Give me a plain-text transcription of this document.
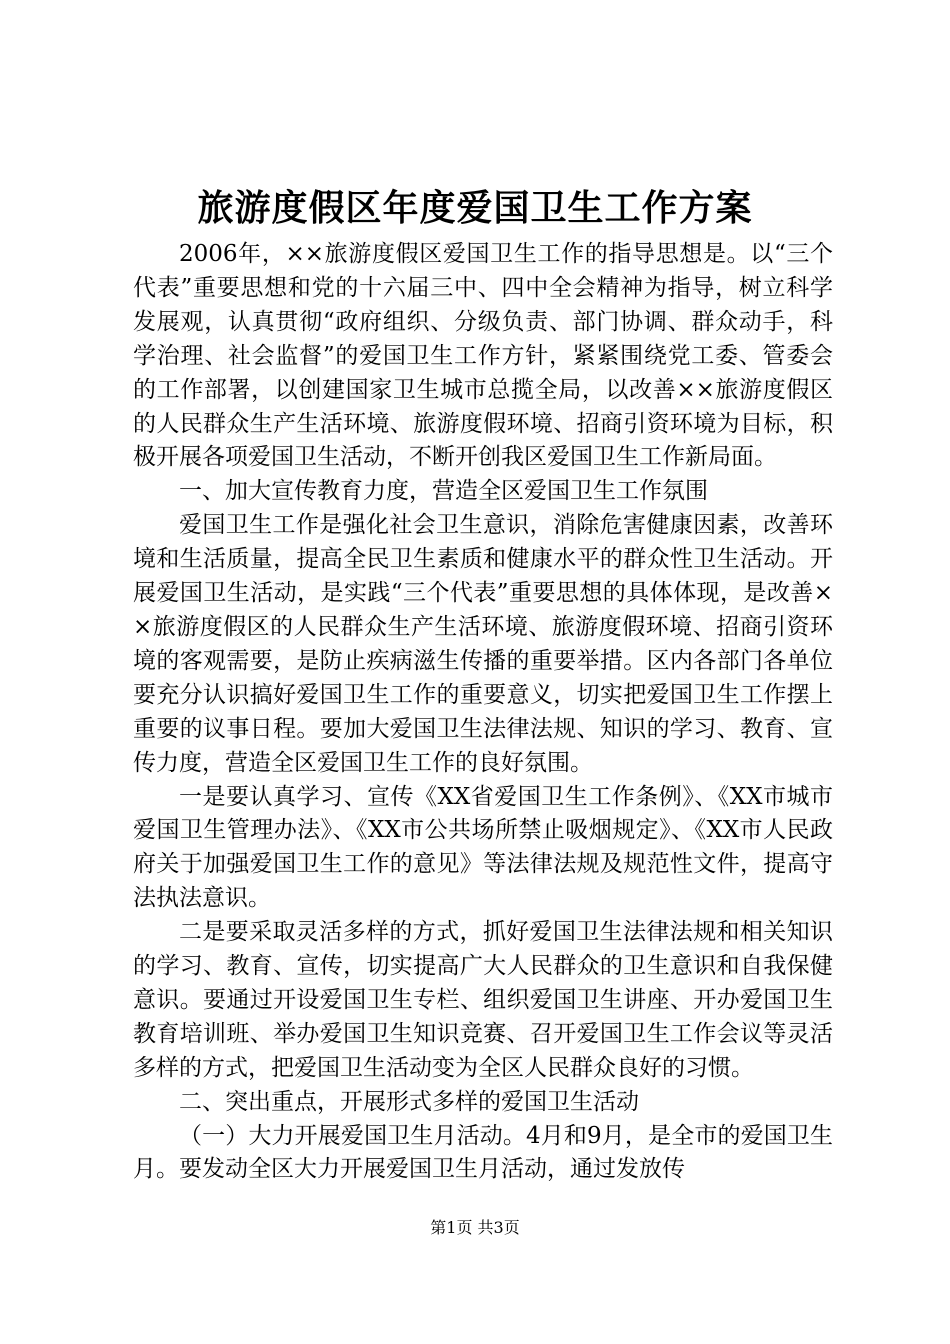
旅游度假区年度爱国卫生工作方案

2006年，××旅游度假区爱国卫生工作的指导思想是。以“三个代表”重要思想和党的十六届三中、四中全会精神为指导，树立科学发展观，认真贯彻“政府组织、分级负责、部门协调、群众动手，科学治理、社会监督”的爱国卫生工作方针，紧紧围绕党工委、管委会的工作部署，以创建国家卫生城市总揽全局，以改善××旅游度假区的人民群众生产生活环境、旅游度假环境、招商引资环境为目标，积极开展各项爱国卫生活动，不断开创我区爱国卫生工作新局面。

一、加大宣传教育力度，营造全区爱国卫生工作氛围

爱国卫生工作是强化社会卫生意识，消除危害健康因素，改善环境和生活质量，提高全民卫生素质和健康水平的群众性卫生活动。开展爱国卫生活动，是实践“三个代表”重要思想的具体体现，是改善××旅游度假区的人民群众生产生活环境、旅游度假环境、招商引资环境的客观需要，是防止疾病滋生传播的重要举措。区内各部门各单位要充分认识搞好爱国卫生工作的重要意义，切实把爱国卫生工作摆上重要的议事日程。要加大爱国卫生法律法规、知识的学习、教育、宣传力度，营造全区爱国卫生工作的良好氛围。

一是要认真学习、宣传《XX省爱国卫生工作条例》、《XX市城市爱国卫生管理办法》、《XX市公共场所禁止吸烟规定》、《XX市人民政府关于加强爱国卫生工作的意见》等法律法规及规范性文件，提高守法执法意识。

二是要采取灵活多样的方式，抓好爱国卫生法律法规和相关知识的学习、教育、宣传，切实提高广大人民群众的卫生意识和自我保健意识。要通过开设爱国卫生专栏、组织爱国卫生讲座、开办爱国卫生教育培训班、举办爱国卫生知识竞赛、召开爱国卫生工作会议等灵活多样的方式，把爱国卫生活动变为全区人民群众良好的习惯。

二、突出重点，开展形式多样的爱国卫生活动

（一）大力开展爱国卫生月活动。4月和9月，是全市的爱国卫生月。要发动全区大力开展爱国卫生月活动，通过发放传

第1页 共3页
